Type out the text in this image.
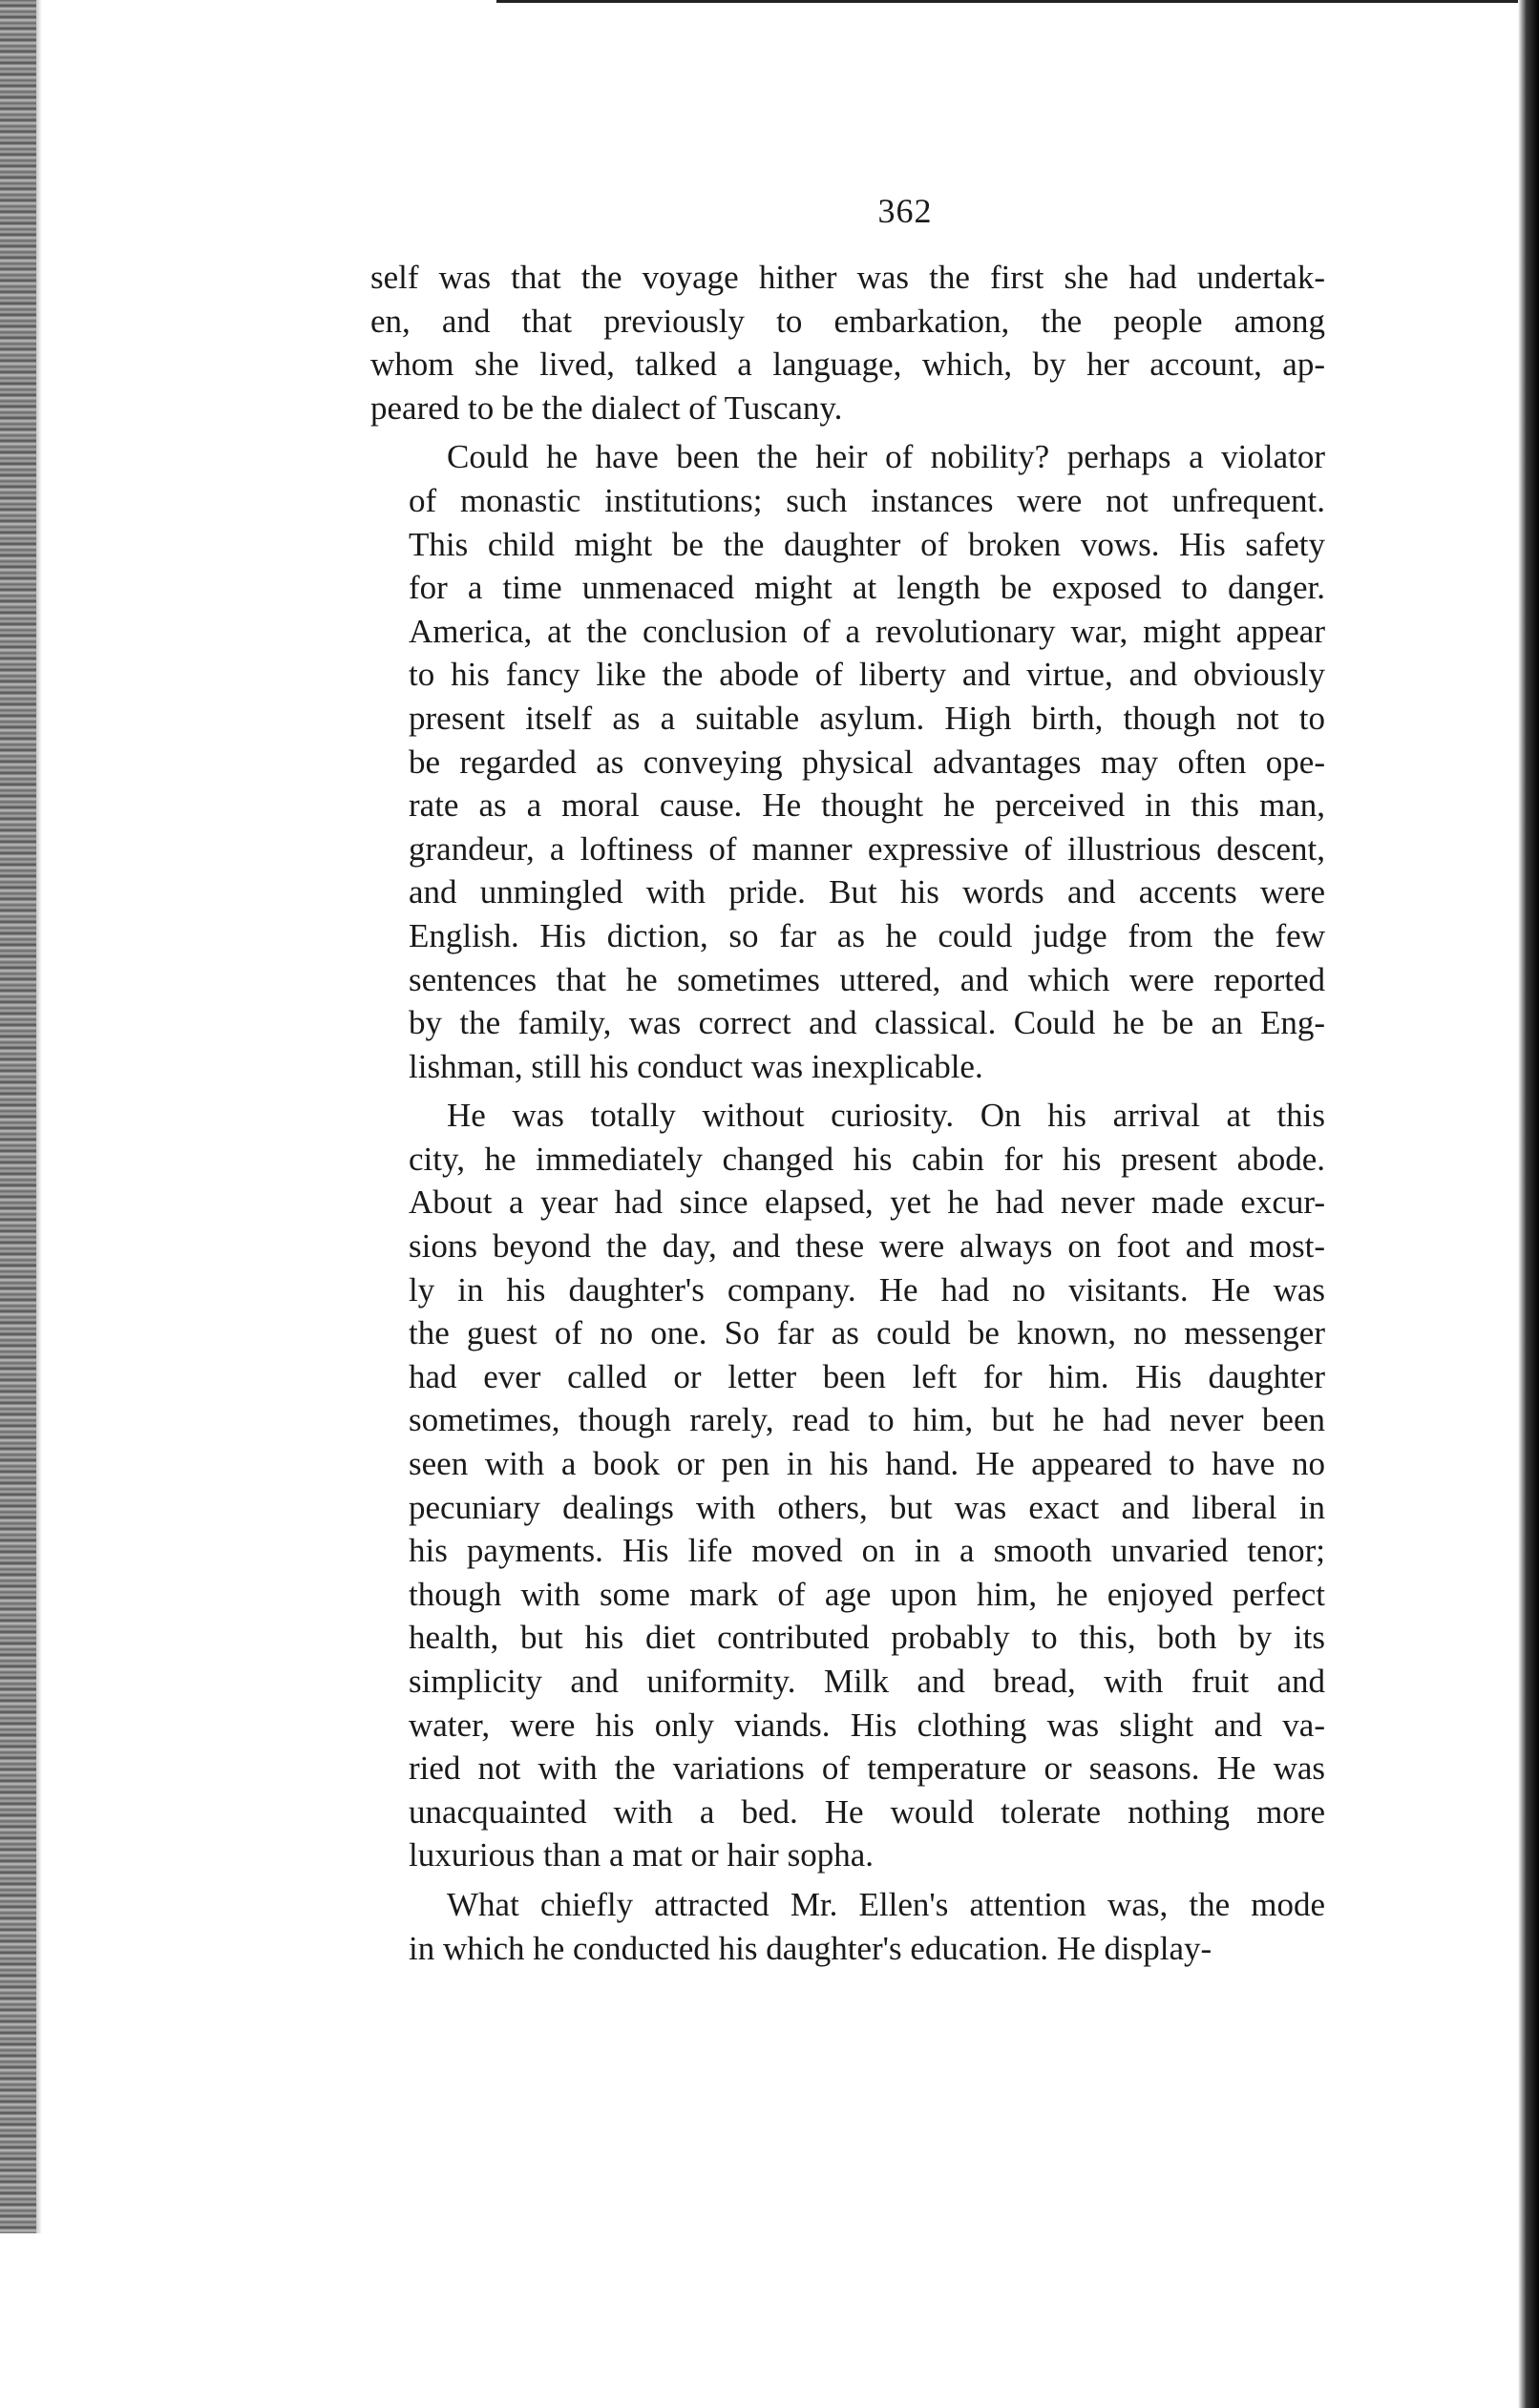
362
self was that the voyage hither was the first she had undertak-
en, and that previously to embarkation, the people among
whom she lived, talked a language, which, by her account, ap-
peared to be the dialect of Tuscany.
Could he have been the heir of nobility? perhaps a violator
of monastic institutions; such instances were not unfrequent.
This child might be the daughter of broken vows. His safety
for a time unmenaced might at length be exposed to danger.
America, at the conclusion of a revolutionary war, might appear
to his fancy like the abode of liberty and virtue, and obviously
present itself as a suitable asylum. High birth, though not to
be regarded as conveying physical advantages may often ope-
rate as a moral cause. He thought he perceived in this man,
grandeur, a loftiness of manner expressive of illustrious descent,
and unmingled with pride. But his words and accents were
English. His diction, so far as he could judge from the few
sentences that he sometimes uttered, and which were reported
by the family, was correct and classical. Could he be an Eng-
lishman, still his conduct was inexplicable.
He was totally without curiosity. On his arrival at this
city, he immediately changed his cabin for his present abode.
About a year had since elapsed, yet he had never made excur-
sions beyond the day, and these were always on foot and most-
ly in his daughter's company. He had no visitants. He was
the guest of no one. So far as could be known, no messenger
had ever called or letter been left for him. His daughter
sometimes, though rarely, read to him, but he had never been
seen with a book or pen in his hand. He appeared to have no
pecuniary dealings with others, but was exact and liberal in
his payments. His life moved on in a smooth unvaried tenor;
though with some mark of age upon him, he enjoyed perfect
health, but his diet contributed probably to this, both by its
simplicity and uniformity. Milk and bread, with fruit and
water, were his only viands. His clothing was slight and va-
ried not with the variations of temperature or seasons. He was
unacquainted with a bed. He would tolerate nothing more
luxurious than a mat or hair sopha.
What chiefly attracted Mr. Ellen's attention was, the mode
in which he conducted his daughter's education. He display-
